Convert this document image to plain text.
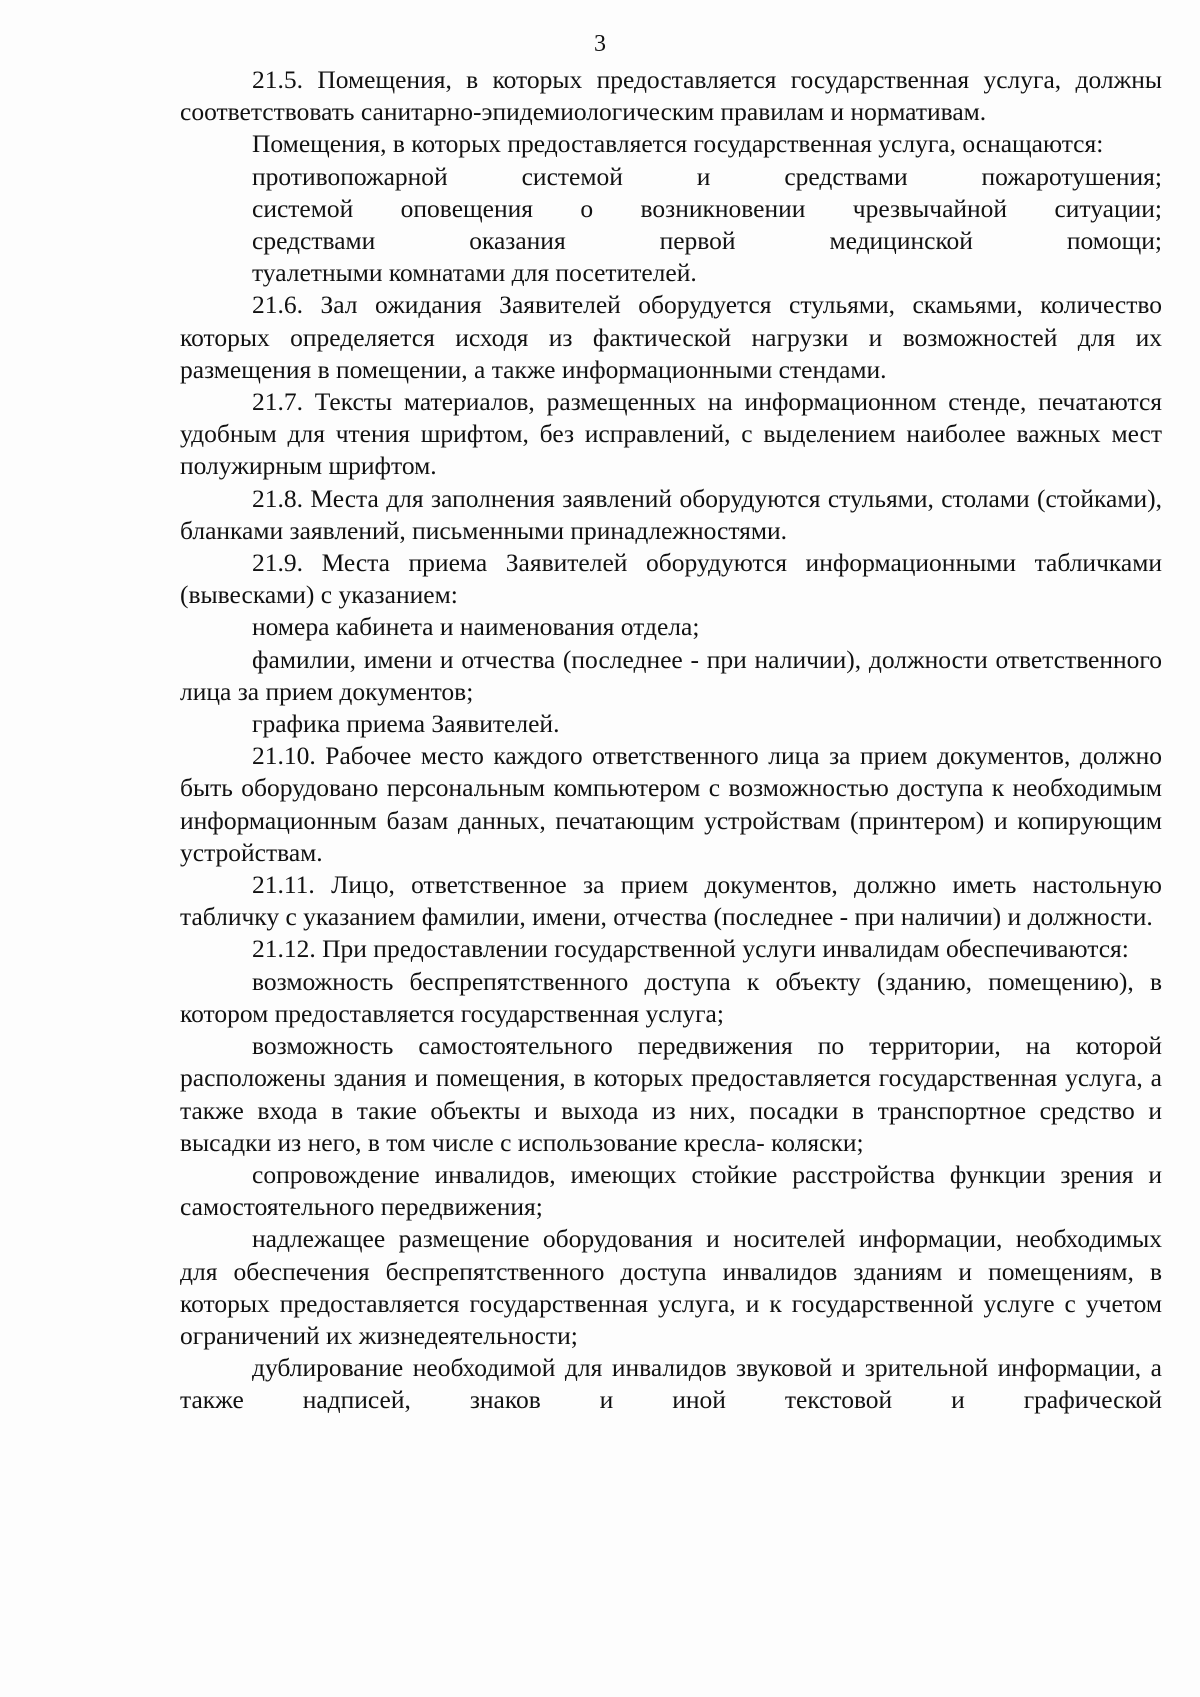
3

21.5. Помещения, в которых предоставляется государственная услуга, должны соответствовать санитарно-эпидемиологическим правилам и нормативам.

Помещения, в которых предоставляется государственная услуга, оснащаются:

противопожарной системой и средствами пожаротушения;

системой оповещения о возникновении чрезвычайной ситуации;

средствами оказания первой медицинской помощи;

туалетными комнатами для посетителей.

21.6. Зал ожидания Заявителей оборудуется стульями, скамьями, количество которых определяется исходя из фактической нагрузки и возможностей для их размещения в помещении, а также информационными стендами.

21.7. Тексты материалов, размещенных на информационном стенде, печатаются удобным для чтения шрифтом, без исправлений, с выделением наиболее важных мест полужирным шрифтом.

21.8. Места для заполнения заявлений оборудуются стульями, столами (стойками), бланками заявлений, письменными принадлежностями.

21.9. Места приема Заявителей оборудуются информационными табличками (вывесками) с указанием:

номера кабинета и наименования отдела;

фамилии, имени и отчества (последнее - при наличии), должности ответственного лица за прием документов;

графика приема Заявителей.

21.10. Рабочее место каждого ответственного лица за прием документов, должно быть оборудовано персональным компьютером с возможностью доступа к необходимым информационным базам данных, печатающим устройствам (принтером) и копирующим устройствам.

21.11. Лицо, ответственное за прием документов, должно иметь настольную табличку с указанием фамилии, имени, отчества (последнее - при наличии) и должности.

21.12. При предоставлении государственной услуги инвалидам обеспечиваются:

возможность беспрепятственного доступа к объекту (зданию, помещению), в котором предоставляется государственная услуга;

возможность самостоятельного передвижения по территории, на которой расположены здания и помещения, в которых предоставляется государственная услуга, а также входа в такие объекты и выхода из них, посадки в транспортное средство и высадки из него, в том числе с использование кресла- коляски;

сопровождение инвалидов, имеющих стойкие расстройства функции зрения и самостоятельного передвижения;

надлежащее размещение оборудования и носителей информации, необходимых для обеспечения беспрепятственного доступа инвалидов зданиям и помещениям, в которых предоставляется государственная услуга, и к государственной услуге с учетом ограничений их жизнедеятельности;

дублирование необходимой для инвалидов звуковой и зрительной информации, а также надписей, знаков и иной текстовой и графической
